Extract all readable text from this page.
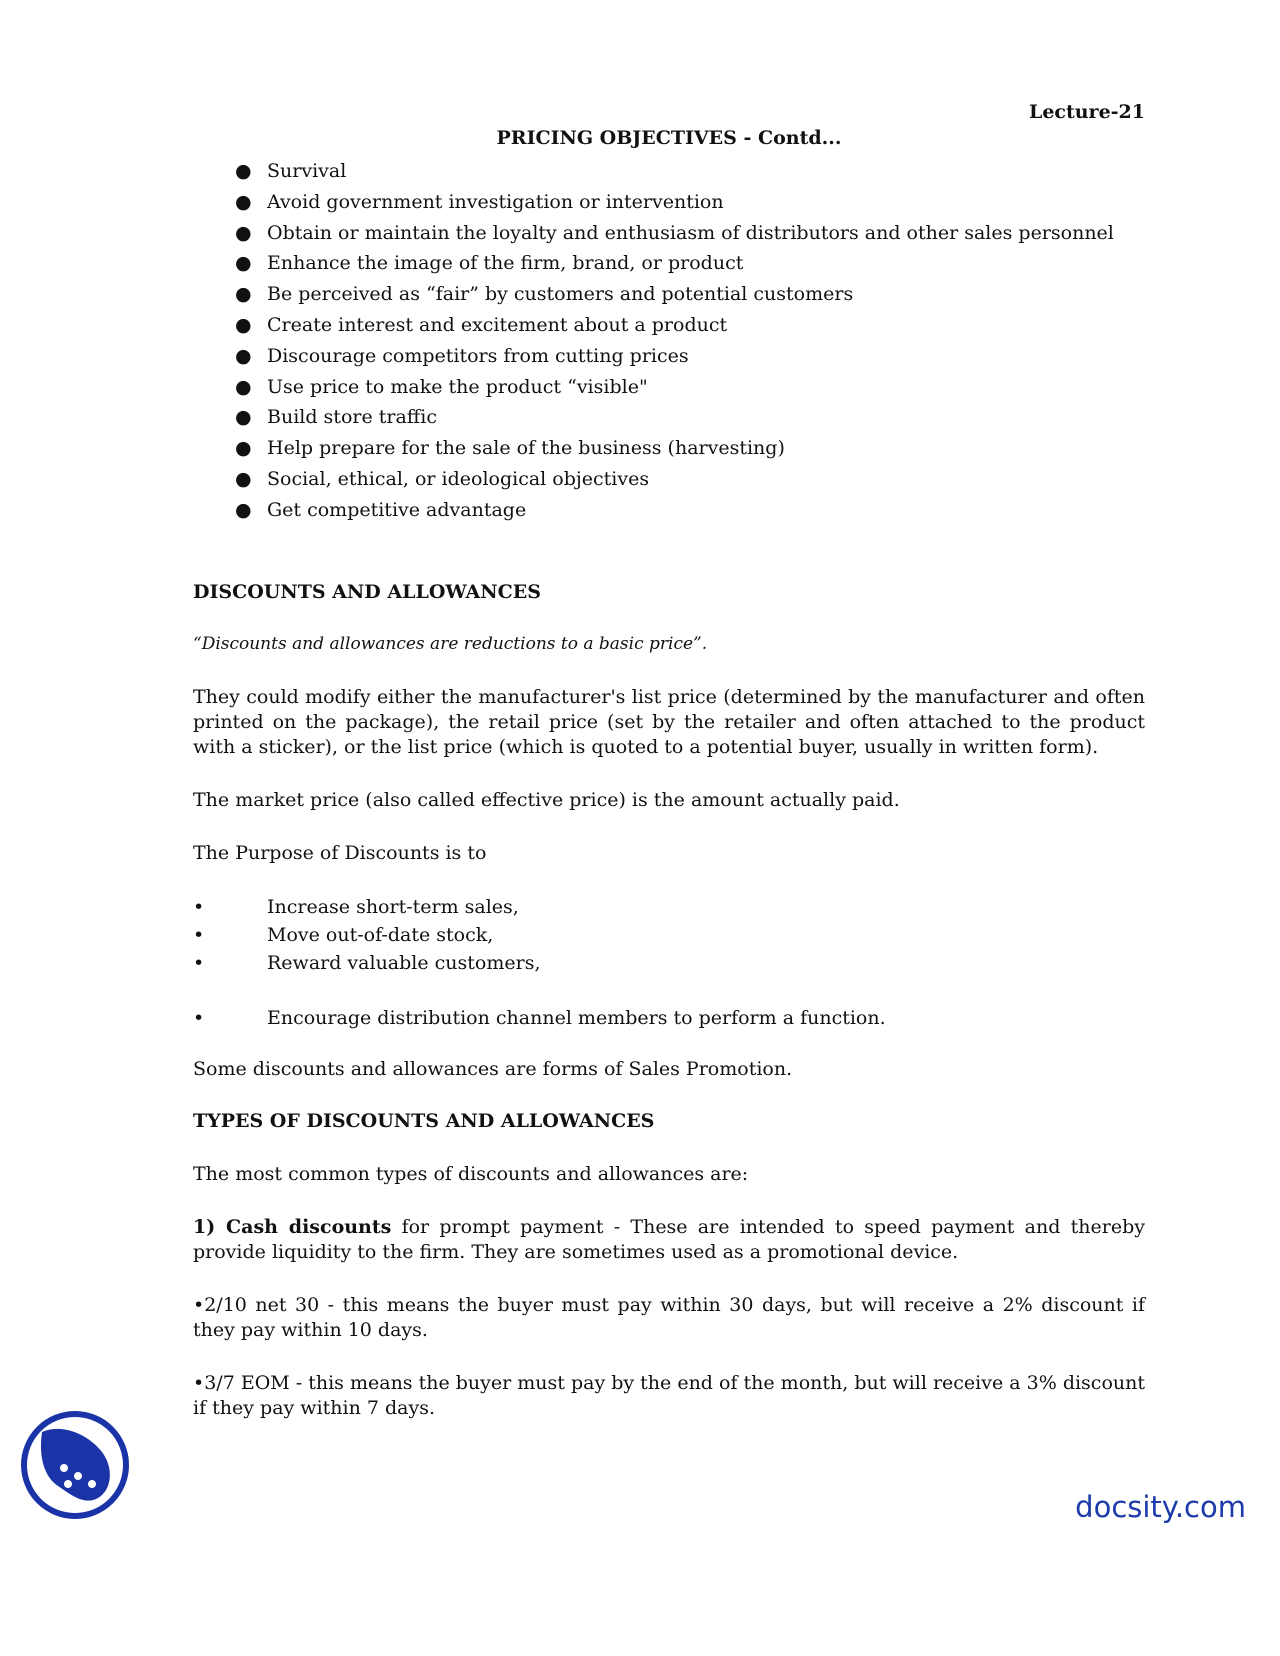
Lecture-21
PRICING OBJECTIVES - Contd...
● Survival
● Avoid government investigation or intervention
● Obtain or maintain the loyalty and enthusiasm of distributors and other sales personnel
● Enhance the image of the firm, brand, or product
● Be perceived as “fair” by customers and potential customers
● Create interest and excitement about a product
● Discourage competitors from cutting prices
● Use price to make the product “visible"
● Build store traffic
● Help prepare for the sale of the business (harvesting)
● Social, ethical, or ideological objectives
● Get competitive advantage
DISCOUNTS AND ALLOWANCES
“Discounts and allowances are reductions to a basic price”.

They could modify either the manufacturer's list price (determined by the manufacturer and often printed on the package), the retail price (set by the retailer and often attached to the product with a sticker), or the list price (which is quoted to a potential buyer, usually in written form).

The market price (also called effective price) is the amount actually paid.

The Purpose of Discounts is to

•	Increase short-term sales,
•	Move out-of-date stock,
•	Reward valuable customers,
•	Encourage distribution channel members to perform a function.

Some discounts and allowances are forms of Sales Promotion.

TYPES OF DISCOUNTS AND ALLOWANCES

The most common types of discounts and allowances are:

1) Cash discounts for prompt payment - These are intended to speed payment and thereby provide liquidity to the firm. They are sometimes used as a promotional device.

•2/10 net 30 - this means the buyer must pay within 30 days, but will receive a 2% discount if they pay within 10 days.

•3/7 EOM - this means the buyer must pay by the end of the month, but will receive a 3% discount if they pay within 7 days.

docsity.com
